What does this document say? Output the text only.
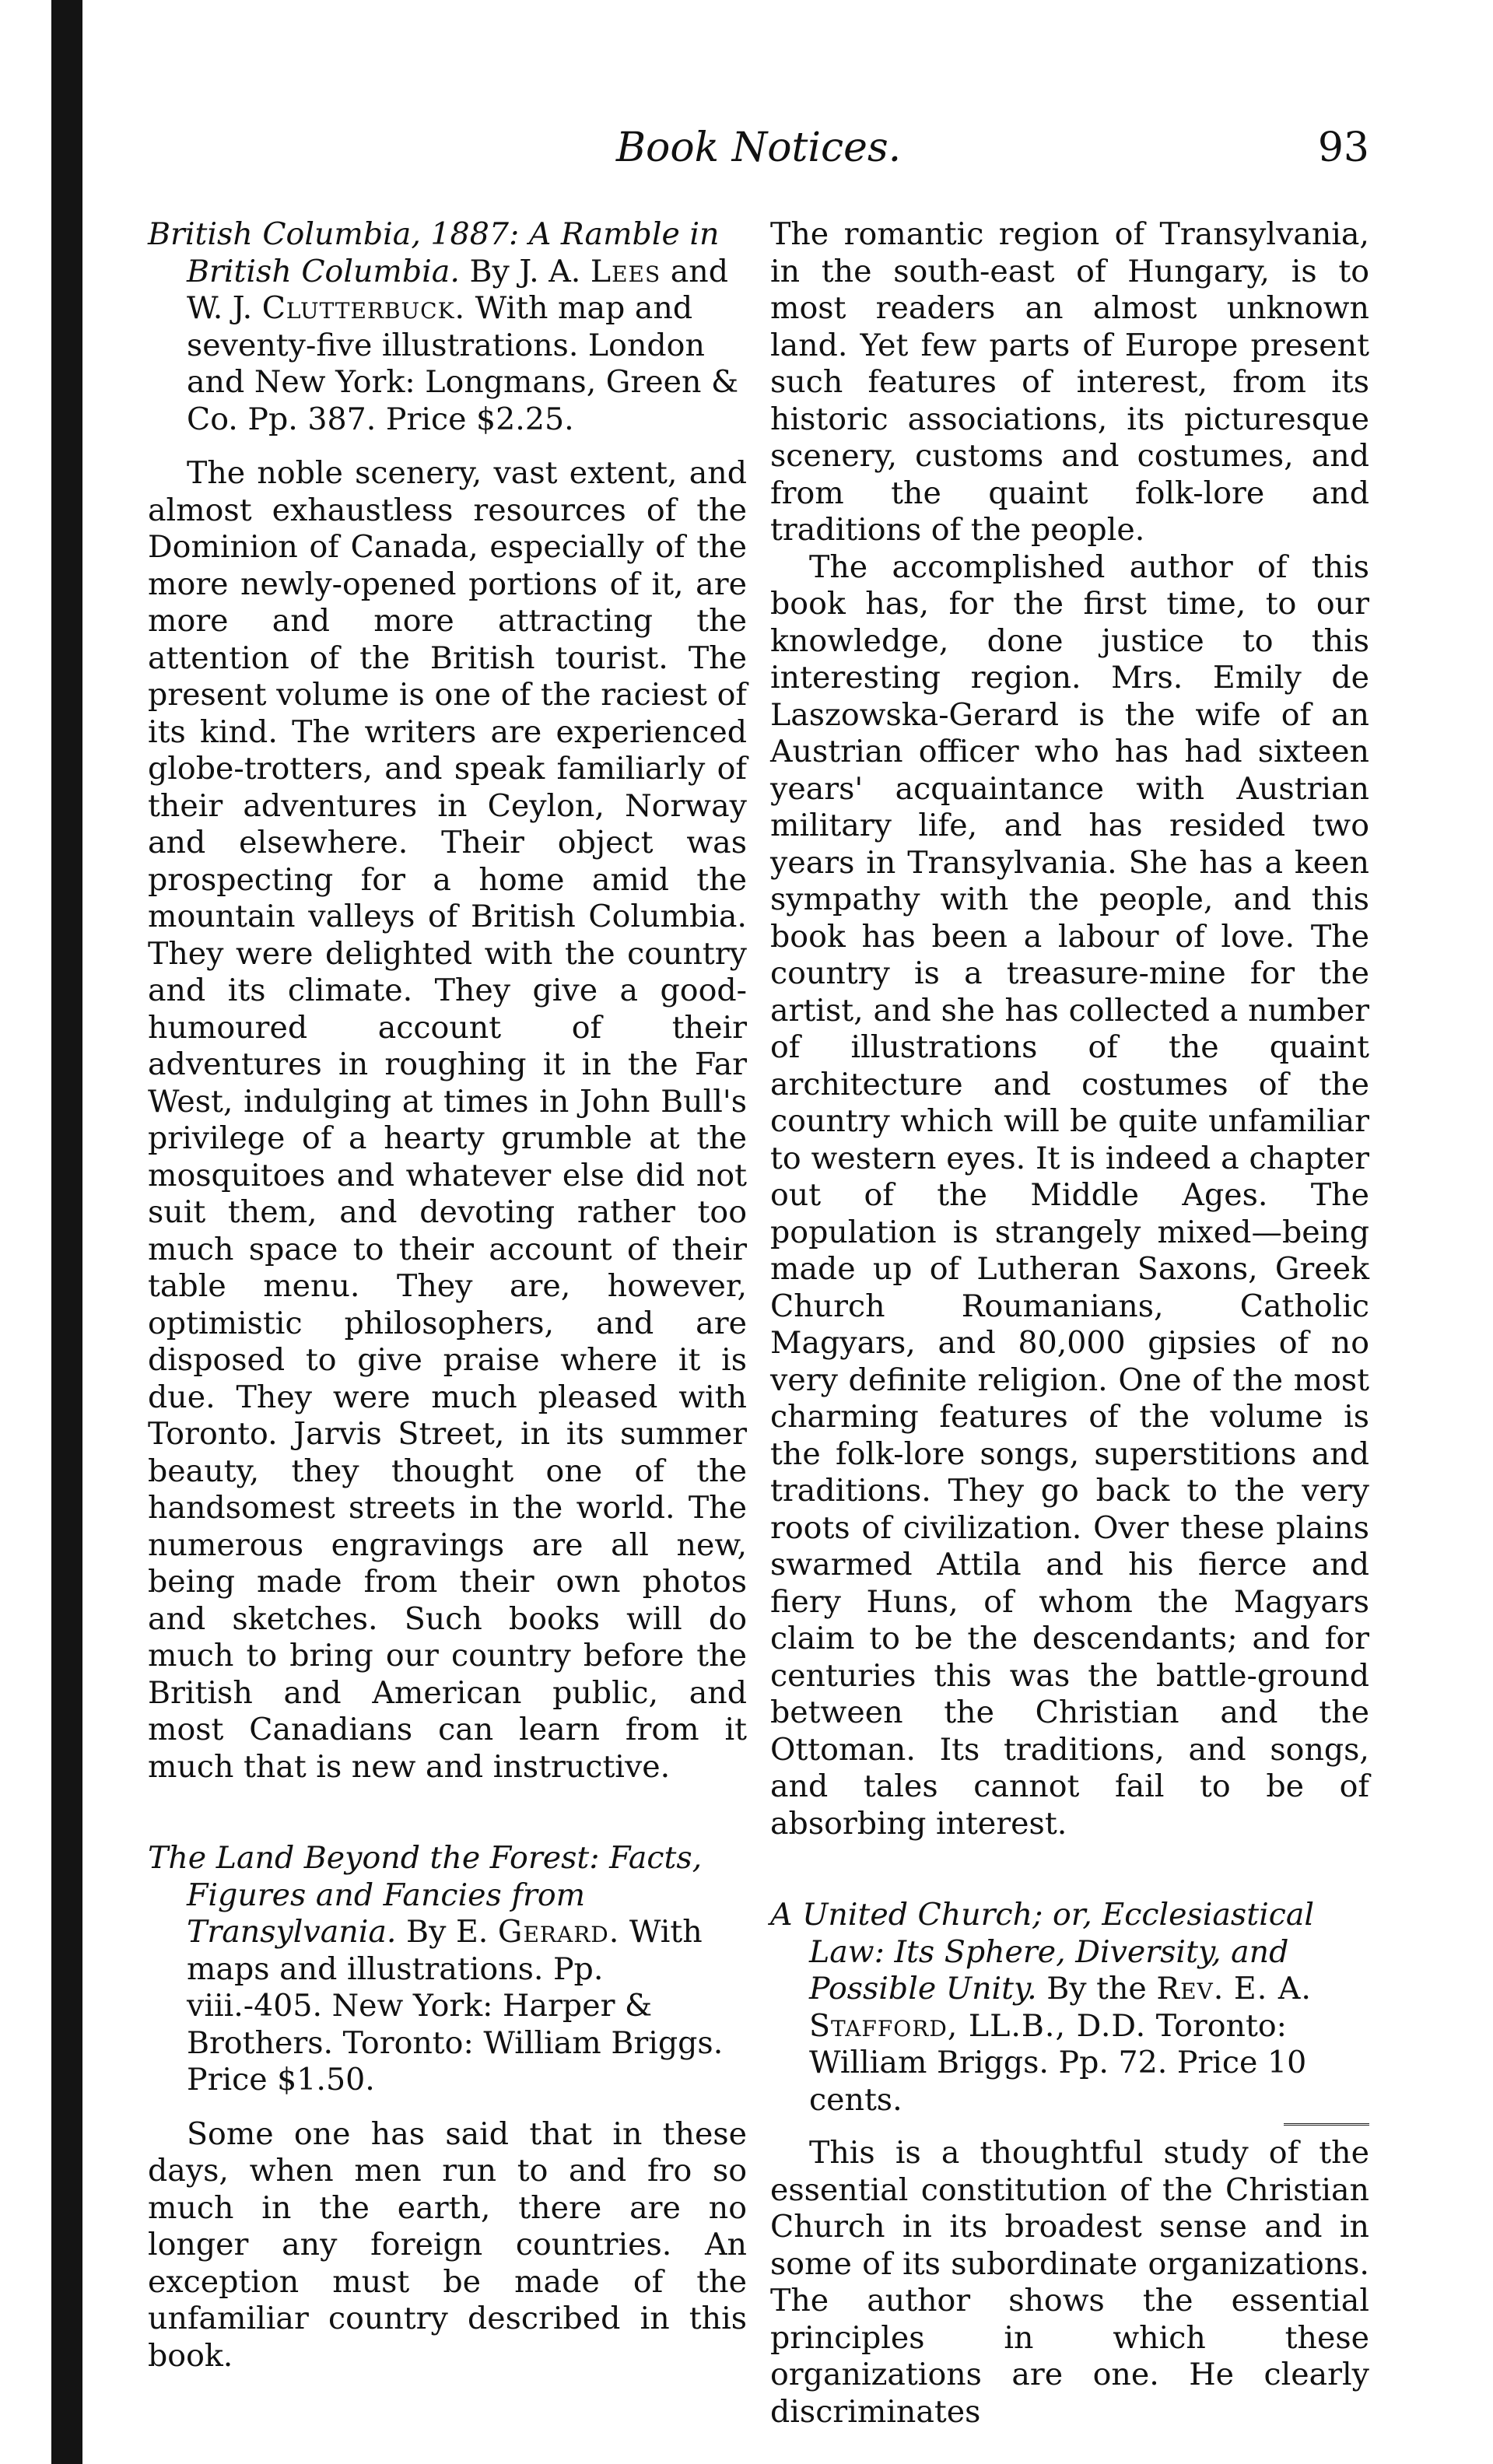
Book Notices.	93

British Columbia, 1887: A Ramble in British Columbia. By J. A. Lees and W. J. Clutterbuck. With map and seventy-five illustrations. London and New York: Longmans, Green & Co. Pp. 387. Price $2.25.

The noble scenery, vast extent, and almost exhaustless resources of the Dominion of Canada, especially of the more newly-opened portions of it, are more and more attracting the attention of the British tourist. The present volume is one of the raciest of its kind. The writers are experienced globe-trotters, and speak familiarly of their adventures in Ceylon, Norway and elsewhere. Their object was prospecting for a home amid the mountain valleys of British Columbia. They were delighted with the country and its climate. They give a good-humoured account of their adventures in roughing it in the Far West, indulging at times in John Bull's privilege of a hearty grumble at the mosquitoes and whatever else did not suit them, and devoting rather too much space to their account of their table menu. They are, however, optimistic philosophers, and are disposed to give praise where it is due. They were much pleased with Toronto. Jarvis Street, in its summer beauty, they thought one of the handsomest streets in the world. The numerous engravings are all new, being made from their own photos and sketches. Such books will do much to bring our country before the British and American public, and most Canadians can learn from it much that is new and instructive.

The Land Beyond the Forest: Facts, Figures and Fancies from Transylvania. By E. Gerard. With maps and illustrations. Pp. viii.-405. New York: Harper & Brothers. Toronto: William Briggs. Price $1.50.

Some one has said that in these days, when men run to and fro so much in the earth, there are no longer any foreign countries. An exception must be made of the unfamiliar country described in this book.

The romantic region of Transylvania, in the south-east of Hungary, is to most readers an almost unknown land. Yet few parts of Europe present such features of interest, from its historic associations, its picturesque scenery, customs and costumes, and from the quaint folk-lore and traditions of the people.

The accomplished author of this book has, for the first time, to our knowledge, done justice to this interesting region. Mrs. Emily de Laszowska-Gerard is the wife of an Austrian officer who has had sixteen years' acquaintance with Austrian military life, and has resided two years in Transylvania. She has a keen sympathy with the people, and this book has been a labour of love. The country is a treasure-mine for the artist, and she has collected a number of illustrations of the quaint architecture and costumes of the country which will be quite unfamiliar to western eyes. It is indeed a chapter out of the Middle Ages. The population is strangely mixed—being made up of Lutheran Saxons, Greek Church Roumanians, Catholic Magyars, and 80,000 gipsies of no very definite religion. One of the most charming features of the volume is the folk-lore songs, superstitions and traditions. They go back to the very roots of civilization. Over these plains swarmed Attila and his fierce and fiery Huns, of whom the Magyars claim to be the descendants; and for centuries this was the battle-ground between the Christian and the Ottoman. Its traditions, and songs, and tales cannot fail to be of absorbing interest.

A United Church; or, Ecclesiastical Law: Its Sphere, Diversity, and Possible Unity. By the Rev. E. A. Stafford, LL.B., D.D. Toronto: William Briggs. Pp. 72. Price 10 cents.

This is a thoughtful study of the essential constitution of the Christian Church in its broadest sense and in some of its subordinate organizations. The author shows the essential principles in which these organizations are one. He clearly discriminates
